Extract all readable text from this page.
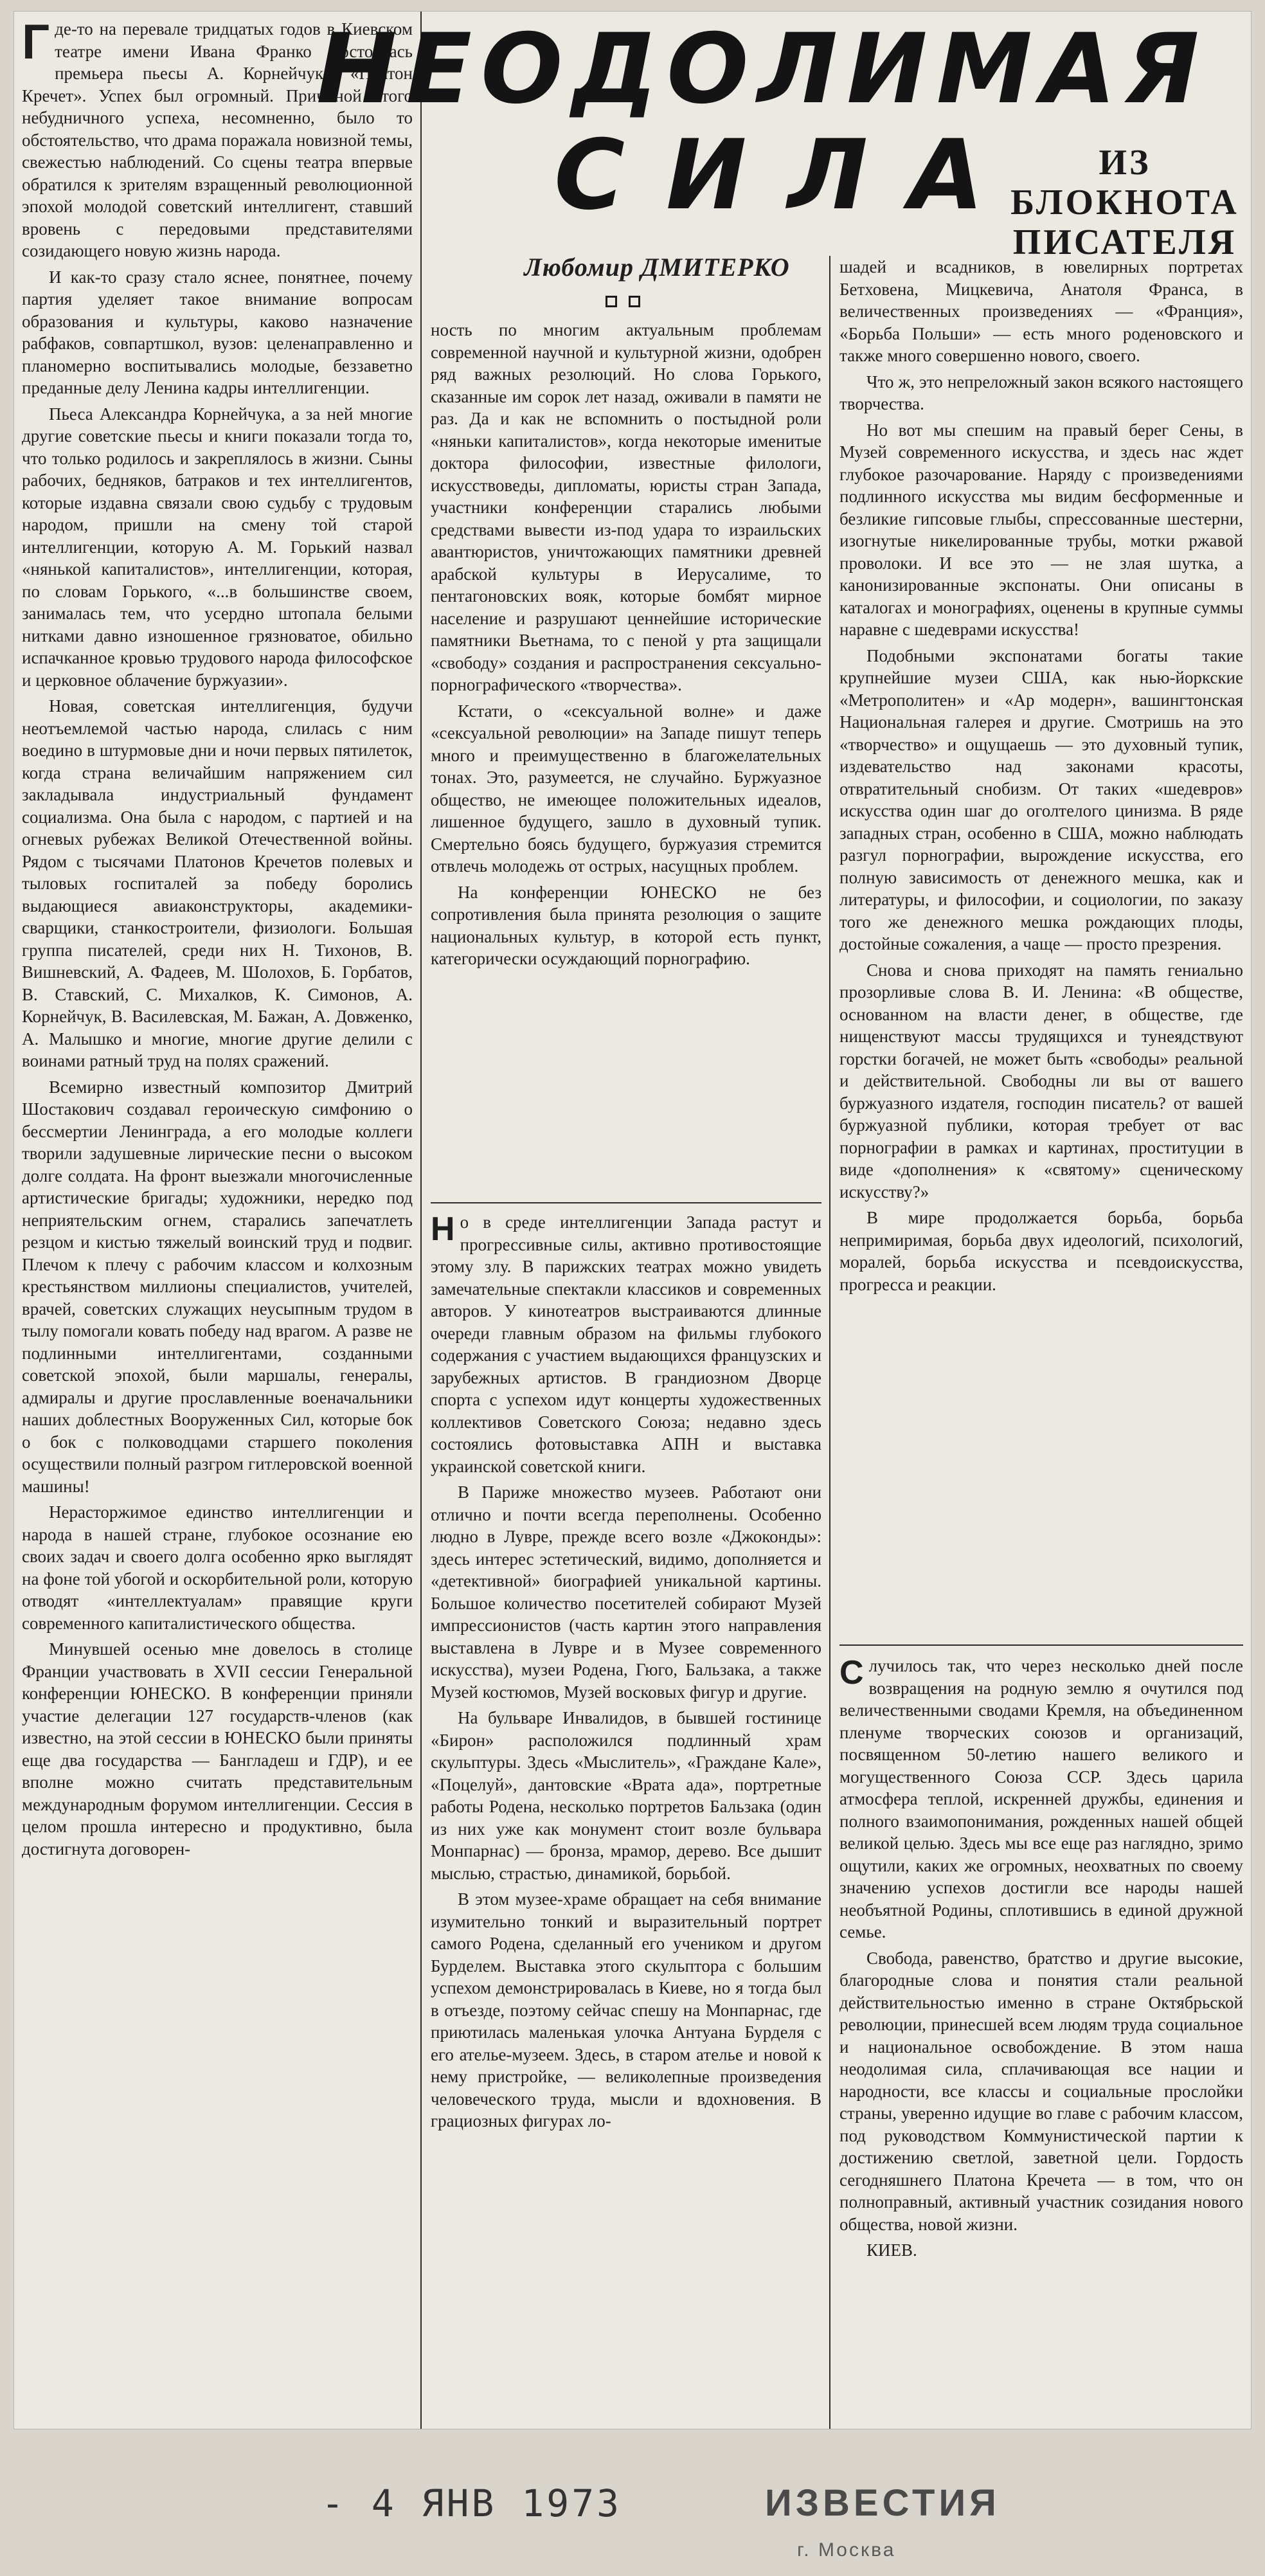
Где-то на перевале тридцатых годов в Киевском театре имени Ивана Франко состоялась премьера пьесы А. Корнейчука «Платон Кречет». Успех был огромный. Причиной этого небудничного успеха, несомненно, было то обстоятельство, что драма поражала новизной темы, свежестью наблюдений. Со сцены театра впервые обратился к зрителям взращенный революционной эпохой молодой советский интеллигент, ставший вровень с передовыми представителями созидающего новую жизнь народа.

И как-то сразу стало яснее, понятнее, почему партия уделяет такое внимание вопросам образования и культуры, каково назначение рабфаков, совпартшкол, вузов: целенаправленно и планомерно воспитывались молодые, беззаветно преданные делу Ленина кадры интеллигенции.

Пьеса Александра Корнейчука, а за ней многие другие советские пьесы и книги показали тогда то, что только родилось и закреплялось в жизни. Сыны рабочих, бедняков, батраков и тех интеллигентов, которые издавна связали свою судьбу с трудовым народом, пришли на смену той старой интеллигенции, которую А. М. Горький назвал «нянькой капиталистов», интеллигенции, которая, по словам Горького, «...в большинстве своем, занималась тем, что усердно штопала белыми нитками давно изношенное грязноватое, обильно испачканное кровью трудового народа философское и церковное облачение буржуазии».

Новая, советская интеллигенция, будучи неотъемлемой частью народа, слилась с ним воедино в штурмовые дни и ночи первых пятилеток, когда страна величайшим напряжением сил закладывала индустриальный фундамент социализма. Она была с народом, с партией и на огневых рубежах Великой Отечественной войны. Рядом с тысячами Платонов Кречетов полевых и тыловых госпиталей за победу боролись выдающиеся авиаконструкторы, академики-сварщики, станкостроители, физиологи. Большая группа писателей, среди них Н. Тихонов, В. Вишневский, А. Фадеев, М. Шолохов, Б. Горбатов, В. Ставский, С. Михалков, К. Симонов, А. Корнейчук, В. Василевская, М. Бажан, А. Довженко, А. Малышко и многие, многие другие делили с воинами ратный труд на полях сражений.

Всемирно известный композитор Дмитрий Шостакович создавал героическую симфонию о бессмертии Ленинграда, а его молодые коллеги творили задушевные лирические песни о высоком долге солдата. На фронт выезжали многочисленные артистические бригады; художники, нередко под неприятельским огнем, старались запечатлеть резцом и кистью тяжелый воинский труд и подвиг. Плечом к плечу с рабочим классом и колхозным крестьянством миллионы специалистов, учителей, врачей, советских служащих неусыпным трудом в тылу помогали ковать победу над врагом. А разве не подлинными интеллигентами, созданными советской эпохой, были маршалы, генералы, адмиралы и другие прославленные военачальники наших доблестных Вооруженных Сил, которые бок о бок с полководцами старшего поколения осуществили полный разгром гитлеровской военной машины!

Нерасторжимое единство интеллигенции и народа в нашей стране, глубокое осознание ею своих задач и своего долга особенно ярко выглядят на фоне той убогой и оскорбительной роли, которую отводят «интеллектуалам» правящие круги современного капиталистического общества.

Минувшей осенью мне довелось в столице Франции участвовать в XVII сессии Генеральной конференции ЮНЕСКО. В конференции приняли участие делегации 127 государств-членов (как известно, на этой сессии в ЮНЕСКО были приняты еще два государства — Бангладеш и ГДР), и ее вполне можно считать представительным международным форумом интеллигенции. Сессия в целом прошла интересно и продуктивно, была достигнута договорен-

НЕОДОЛИМАЯ
СИЛА	ИЗ БЛОКНОТА
ПИСАТЕЛЯ
Любомир ДМИТЕРКО

ность по многим актуальным проблемам современной научной и культурной жизни, одобрен ряд важных резолюций. Но слова Горького, сказанные им сорок лет назад, оживали в памяти не раз. Да и как не вспомнить о постыдной роли «няньки капиталистов», когда некоторые именитые доктора философии, известные филологи, искусствоведы, дипломаты, юристы стран Запада, участники конференции старались любыми средствами вывести из-под удара то израильских авантюристов, уничтожающих памятники древней арабской культуры в Иерусалиме, то пентагоновских вояк, которые бомбят мирное население и разрушают ценнейшие исторические памятники Вьетнама, то с пеной у рта защищали «свободу» создания и распространения сексуально-порнографического «творчества».

Кстати, о «сексуальной волне» и даже «сексуальной революции» на Западе пишут теперь много и преимущественно в благожелательных тонах. Это, разумеется, не случайно. Буржуазное общество, не имеющее положительных идеалов, лишенное будущего, зашло в духовный тупик. Смертельно боясь будущего, буржуазия стремится отвлечь молодежь от острых, насущных проблем.

На конференции ЮНЕСКО не без сопротивления была принята резолюция о защите национальных культур, в которой есть пункт, категорически осуждающий порнографию.

Но в среде интеллигенции Запада растут и прогрессивные силы, активно противостоящие этому злу. В парижских театрах можно увидеть замечательные спектакли классиков и современных авторов. У кинотеатров выстраиваются длинные очереди главным образом на фильмы глубокого содержания с участием выдающихся французских и зарубежных артистов. В грандиозном Дворце спорта с успехом идут концерты художественных коллективов Советского Союза; недавно здесь состоялись фотовыставка АПН и выставка украинской советской книги.

В Париже множество музеев. Работают они отлично и почти всегда переполнены. Особенно людно в Лувре, прежде всего возле «Джоконды»: здесь интерес эстетический, видимо, дополняется и «детективной» биографией уникальной картины. Большое количество посетителей собирают Музей импрессионистов (часть картин этого направления выставлена в Лувре и в Музее современного искусства), музеи Родена, Гюго, Бальзака, а также Музей костюмов, Музей восковых фигур и другие.

На бульваре Инвалидов, в бывшей гостинице «Бирон» расположился подлинный храм скульптуры. Здесь «Мыслитель», «Граждане Кале», «Поцелуй», дантовские «Врата ада», портретные работы Родена, несколько портретов Бальзака (один из них уже как монумент стоит возле бульвара Монпарнас) — бронза, мрамор, дерево. Все дышит мыслью, страстью, динамикой, борьбой.

В этом музее-храме обращает на себя внимание изумительно тонкий и выразительный портрет самого Родена, сделанный его учеником и другом Бурделем. Выставка этого скульптора с большим успехом демонстрировалась в Киеве, но я тогда был в отъезде, поэтому сейчас спешу на Монпарнас, где приютилась маленькая улочка Антуана Бурделя с его ателье-музеем. Здесь, в старом ателье и новой к нему пристройке, — великолепные произведения человеческого труда, мысли и вдохновения. В грациозных фигурах ло-

шадей и всадников, в ювелирных портретах Бетховена, Мицкевича, Анатоля Франса, в величественных произведениях — «Франция», «Борьба Польши» — есть много роденовского и также много совершенно нового, своего.

Что ж, это непреложный закон всякого настоящего творчества.

Но вот мы спешим на правый берег Сены, в Музей современного искусства, и здесь нас ждет глубокое разочарование. Наряду с произведениями подлинного искусства мы видим бесформенные и безликие гипсовые глыбы, спрессованные шестерни, изогнутые никелированные трубы, мотки ржавой проволоки. И все это — не злая шутка, а канонизированные экспонаты. Они описаны в каталогах и монографиях, оценены в крупные суммы наравне с шедеврами искусства!

Подобными экспонатами богаты такие крупнейшие музеи США, как нью-йоркские «Метрополитен» и «Ар модерн», вашингтонская Национальная галерея и другие. Смотришь на это «творчество» и ощущаешь — это духовный тупик, издевательство над законами красоты, отвратительный снобизм. От таких «шедевров» искусства один шаг до оголтелого цинизма. В ряде западных стран, особенно в США, можно наблюдать разгул порнографии, вырождение искусства, его полную зависимость от денежного мешка, как и литературы, и философии, и социологии, по заказу того же денежного мешка рождающих плоды, достойные сожаления, а чаще — просто презрения.

Снова и снова приходят на память гениально прозорливые слова В. И. Ленина: «В обществе, основанном на власти денег, в обществе, где нищенствуют массы трудящихся и тунеядствуют горстки богачей, не может быть «свободы» реальной и действительной. Свободны ли вы от вашего буржуазного издателя, господин писатель? от вашей буржуазной публики, которая требует от вас порнографии в рамках и картинах, проституции в виде «дополнения» к «святому» сценическому искусству?»

В мире продолжается борьба, борьба непримиримая, борьба двух идеологий, психологий, моралей, борьба искусства и псевдоискусства, прогресса и реакции.

Случилось так, что через несколько дней после возвращения на родную землю я очутился под величественными сводами Кремля, на объединенном пленуме творческих союзов и организаций, посвященном 50-летию нашего великого и могущественного Союза ССР. Здесь царила атмосфера теплой, искренней дружбы, единения и полного взаимопонимания, рожденных нашей общей великой целью. Здесь мы все еще раз наглядно, зримо ощутили, каких же огромных, неохватных по своему значению успехов достигли все народы нашей необъятной Родины, сплотившись в единой дружной семье.

Свобода, равенство, братство и другие высокие, благородные слова и понятия стали реальной действительностью именно в стране Октябрьской революции, принесшей всем людям труда социальное и национальное освобождение. В этом наша неодолимая сила, сплачивающая все нации и народности, все классы и социальные прослойки страны, уверенно идущие во главе с рабочим классом, под руководством Коммунистической партии к достижению светлой, заветной цели. Гордость сегодняшнего Платона Кречета — в том, что он полноправный, активный участник созидания нового общества, новой жизни.

КИЕВ.

- 4 ЯНВ 1973	ИЗВЕСТИЯ
г. Москва
